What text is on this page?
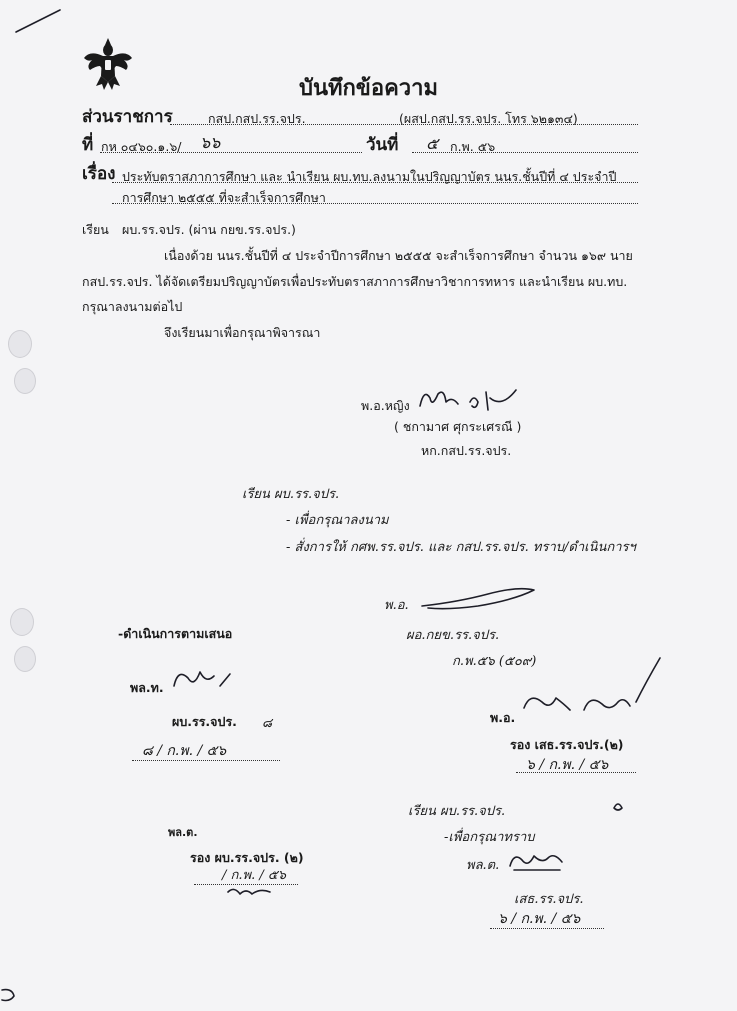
บันทึกข้อความ
ส่วนราชการ	กสป.กสป.รร.จปร.	(ผสป.กสป.รร.จปร. โทร ๖๒๑๓๔)
ที่ กห ๐๔๖๐.๑.๖/ ๖๖	วันที่ ๕ ก.พ. ๕๖
เรื่อง ประทับตราสภาการศึกษา และ นำเรียน ผบ.ทบ.ลงนามในปริญญาบัตร นนร.ชั้นปีที่ ๔ ประจำปี
การศึกษา ๒๕๕๕ ที่จะสำเร็จการศึกษา
เรียน ผบ.รร.จปร. (ผ่าน กยข.รร.จปร.)
เนื่องด้วย นนร.ชั้นปีที่ ๔ ประจำปีการศึกษา ๒๕๕๕ จะสำเร็จการศึกษา จำนวน ๑๖๙ นาย
กสป.รร.จปร. ได้จัดเตรียมปริญญาบัตรเพื่อประทับตราสภาการศึกษาวิชาการทหาร และนำเรียน ผบ.ทบ.
กรุณาลงนามต่อไป
จึงเรียนมาเพื่อกรุณาพิจารณา
พ.อ.หญิง
( ชกามาศ ศุกระเศรณี )
หก.กสป.รร.จปร.
เรียน ผบ.รร.จปร.
- เพื่อกรุณาลงนาม
- สั่งการให้ กศพ.รร.จปร. และ กสป.รร.จปร. ทราบ/ดำเนินการฯ
พ.อ.
ผอ.กยข.รร.จปร.
ก.พ.๕๖ (๕๐๙)
-ดำเนินการตามเสนอ
พล.ท.
ผบ.รร.จปร. ๘
๘ / ก.พ. / ๕๖
พ.อ.
รอง เสธ.รร.จปร.(๒)
๖ / ก.พ. / ๕๖
พล.ต.
รอง ผบ.รร.จปร. (๒)
/ ก.พ. / ๕๖
เรียน ผบ.รร.จปร.
-เพื่อกรุณาทราบ
พล.ต.
เสธ.รร.จปร.
๖ / ก.พ. / ๕๖
